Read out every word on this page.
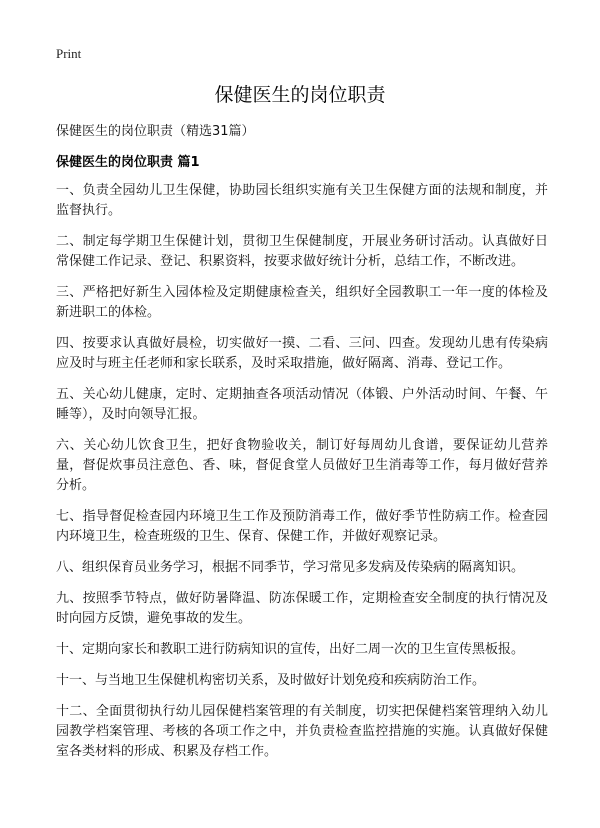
Print
保健医生的岗位职责
保健医生的岗位职责（精选31篇）
保健医生的岗位职责 篇1

一、负责全园幼儿卫生保健，协助园长组织实施有关卫生保健方面的法规和制度，并监督执行。

二、制定每学期卫生保健计划，贯彻卫生保健制度，开展业务研讨活动。认真做好日常保健工作记录、登记、积累资料，按要求做好统计分析，总结工作，不断改进。

三、严格把好新生入园体检及定期健康检查关，组织好全园教职工一年一度的体检及新进职工的体检。

四、按要求认真做好晨检，切实做好一摸、二看、三问、四查。发现幼儿患有传染病应及时与班主任老师和家长联系，及时采取措施，做好隔离、消毒、登记工作。

五、关心幼儿健康，定时、定期抽查各项活动情况（体锻、户外活动时间、午餐、午睡等），及时向领导汇报。

六、关心幼儿饮食卫生，把好食物验收关，制订好每周幼儿食谱，要保证幼儿营养量，督促炊事员注意色、香、味，督促食堂人员做好卫生消毒等工作，每月做好营养分析。

七、指导督促检查园内环境卫生工作及预防消毒工作，做好季节性防病工作。检查园内环境卫生，检查班级的卫生、保育、保健工作，并做好观察记录。

八、组织保育员业务学习，根据不同季节，学习常见多发病及传染病的隔离知识。

九、按照季节特点，做好防暑降温、防冻保暖工作，定期检查安全制度的执行情况及时向园方反馈，避免事故的发生。

十、定期向家长和教职工进行防病知识的宣传，出好二周一次的卫生宣传黑板报。

十一、与当地卫生保健机构密切关系，及时做好计划免疫和疾病防治工作。

十二、全面贯彻执行幼儿园保健档案管理的有关制度，切实把保健档案管理纳入幼儿园教学档案管理、考核的各项工作之中，并负责检查监控措施的实施。认真做好保健室各类材料的形成、积累及存档工作。
